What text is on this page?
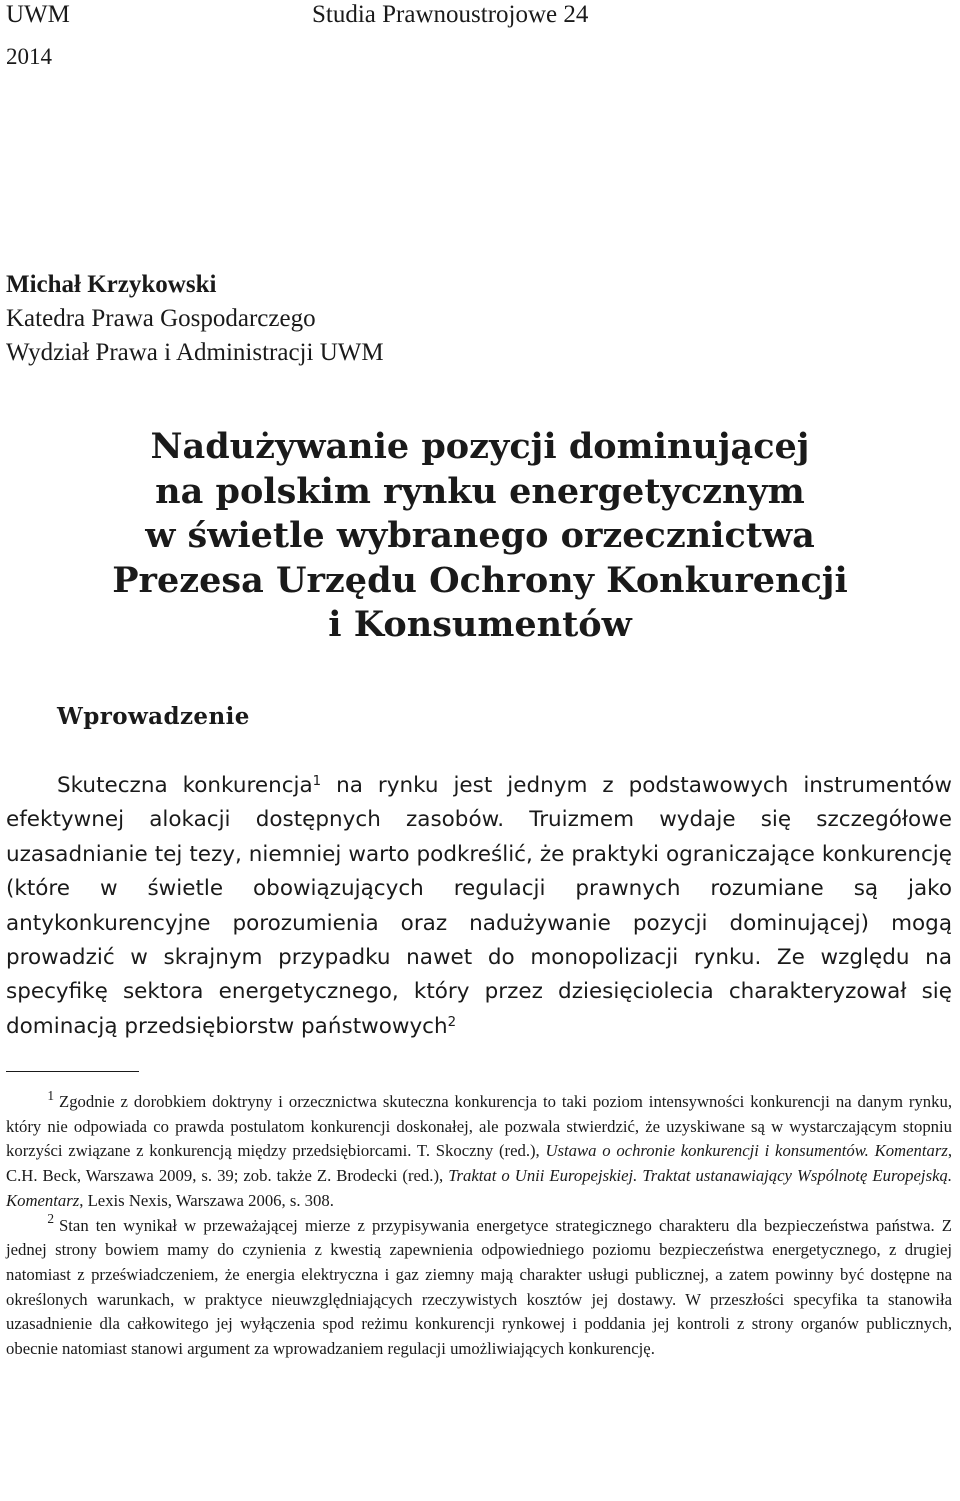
UWM	Studia Prawnoustrojowe 24
2014
Michał Krzykowski
Katedra Prawa Gospodarczego
Wydział Prawa i Administracji UWM
Nadużywanie pozycji dominującej
na polskim rynku energetycznym
w świetle wybranego orzecznictwa
Prezesa Urzędu Ochrony Konkurencji
i Konsumentów
Wprowadzenie
Skuteczna konkurencja$^1$ na rynku jest jednym z podstawowych instrumentów efektywnej alokacji dostępnych zasobów. Truizmem wydaje się szczegółowe uzasadnianie tej tezy, niemniej warto podkreślić, że praktyki ograniczające konkurencję (które w świetle obowiązujących regulacji prawnych rozumiane są jako antykonkurencyjne porozumienia oraz nadużywanie pozycji dominującej) mogą prowadzić w skrajnym przypadku nawet do monopolizacji rynku. Ze względu na specyfikę sektora energetycznego, który przez dziesięciolecia charakteryzował się dominacją przedsiębiorstw państwowych$^2$

$^1$ Zgodnie z dorobkiem doktryny i orzecznictwa skuteczna konkurencja to taki poziom intensywności konkurencji na danym rynku, który nie odpowiada co prawda postulatom konkurencji doskonałej, ale pozwala stwierdzić, że uzyskiwane są w wystarczającym stopniu korzyści związane z konkurencją między przedsiębiorcami. T. Skoczny (red.), Ustawa o ochronie konkurencji i konsumentów. Komentarz, C.H. Beck, Warszawa 2009, s. 39; zob. także Z. Brodecki (red.), Traktat o Unii Europejskiej. Traktat ustanawiający Wspólnotę Europejską. Komentarz, Lexis Nexis, Warszawa 2006, s. 308.

$^2$ Stan ten wynikał w przeważającej mierze z przypisywania energetyce strategicznego charakteru dla bezpieczeństwa państwa. Z jednej strony bowiem mamy do czynienia z kwestią zapewnienia odpowiedniego poziomu bezpieczeństwa energetycznego, z drugiej natomiast z przeświadczeniem, że energia elektryczna i gaz ziemny mają charakter usługi publicznej, a zatem powinny być dostępne na określonych warunkach, w praktyce nieuwzględniających rzeczywistych kosztów jej dostawy. W przeszłości specyfika ta stanowiła uzasadnienie dla całkowitego jej wyłączenia spod reżimu konkurencji rynkowej i poddania jej kontroli z strony organów publicznych, obecnie natomiast stanowi argument za wprowadzaniem regulacji umożliwiających konkurencję.
